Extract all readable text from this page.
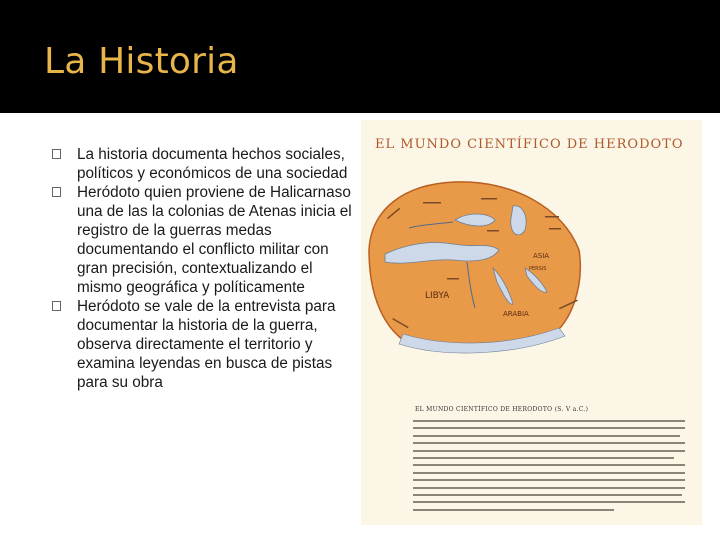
La Historia
La historia documenta hechos sociales, políticos y económicos de una sociedad
Heródoto quien proviene de Halicarnaso una de las la colonias de Atenas inicia el registro de la guerras medas documentando el conflicto militar con gran precisión, contextualizando el mismo geográfica y políticamente
Heródoto se vale de la entrevista para documentar la historia de la guerra, observa directamente el territorio y examina leyendas en busca de pistas para su obra

EL MUNDO CIENTÍFICO DE HERODOTO

LIBYA
ARABIA
ASIA
PERSIS

EL MUNDO CIENTÍFICO DE HERODOTO (S. V a.C.)
